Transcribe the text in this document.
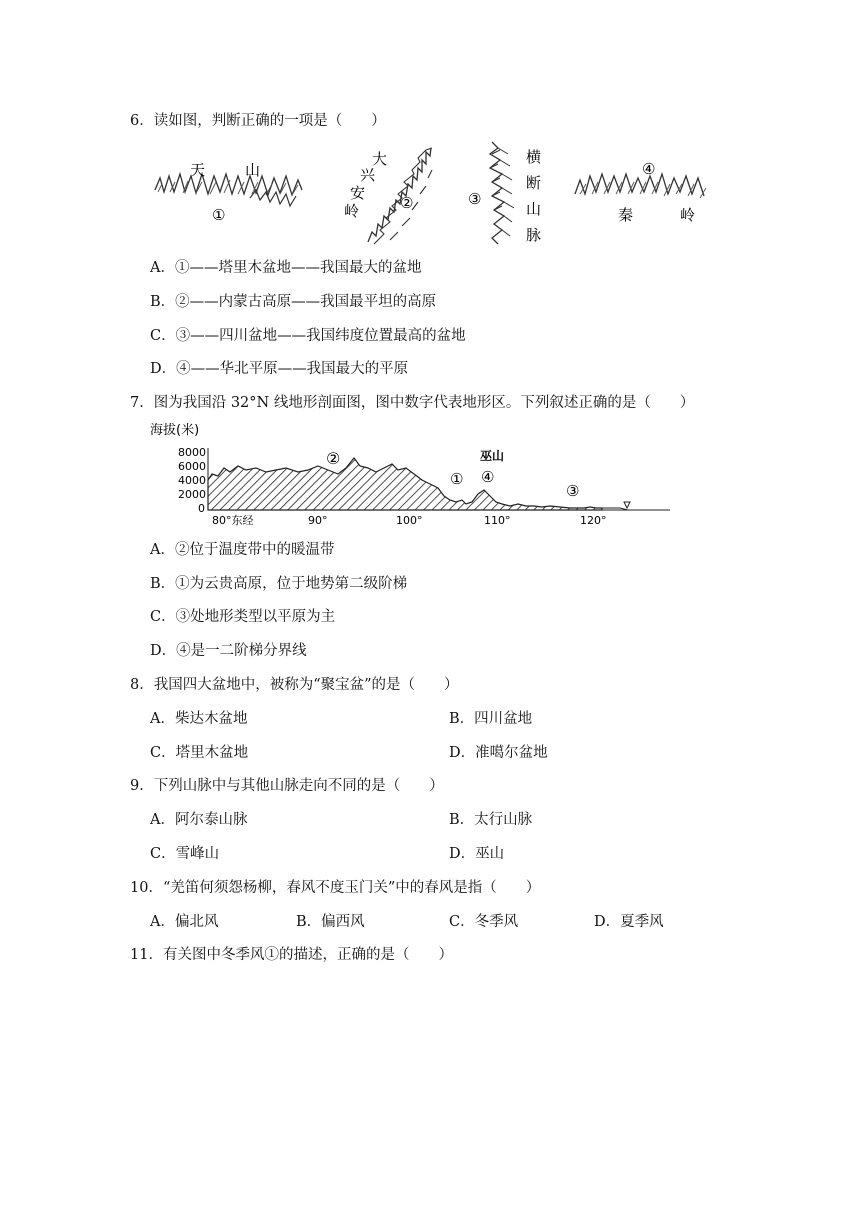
6．读如图，判断正确的一项是（　　）
天	山
①
大
兴
安
岭	②	③
横
断
山
脉
④
秦	岭
A．①——塔里木盆地——我国最大的盆地
B．②——内蒙古高原——我国最平坦的高原
C．③——四川盆地——我国纬度位置最高的盆地
D．④——华北平原——我国最大的平原
7．图为我国沿 32°N 线地形剖面图，图中数字代表地形区。下列叙述正确的是（　　）
海拔(米)
8000
6000
4000
2000
0
②
① ④
巫山
③
80°东经	90°	100°	110°	120°
A．②位于温度带中的暖温带
B．①为云贵高原，位于地势第二级阶梯
C．③处地形类型以平原为主
D．④是一二阶梯分界线
8．我国四大盆地中，被称为“聚宝盆”的是（　　）
A．柴达木盆地	B．四川盆地
C．塔里木盆地	D．准噶尔盆地
9．下列山脉中与其他山脉走向不同的是（　　）
A．阿尔泰山脉	B．太行山脉
C．雪峰山	D．巫山
10．“羌笛何须怨杨柳，春风不度玉门关”中的春风是指（　　）
A．偏北风	B．偏西风	C．冬季风	D．夏季风
11．有关图中冬季风①的描述，正确的是（　　）
